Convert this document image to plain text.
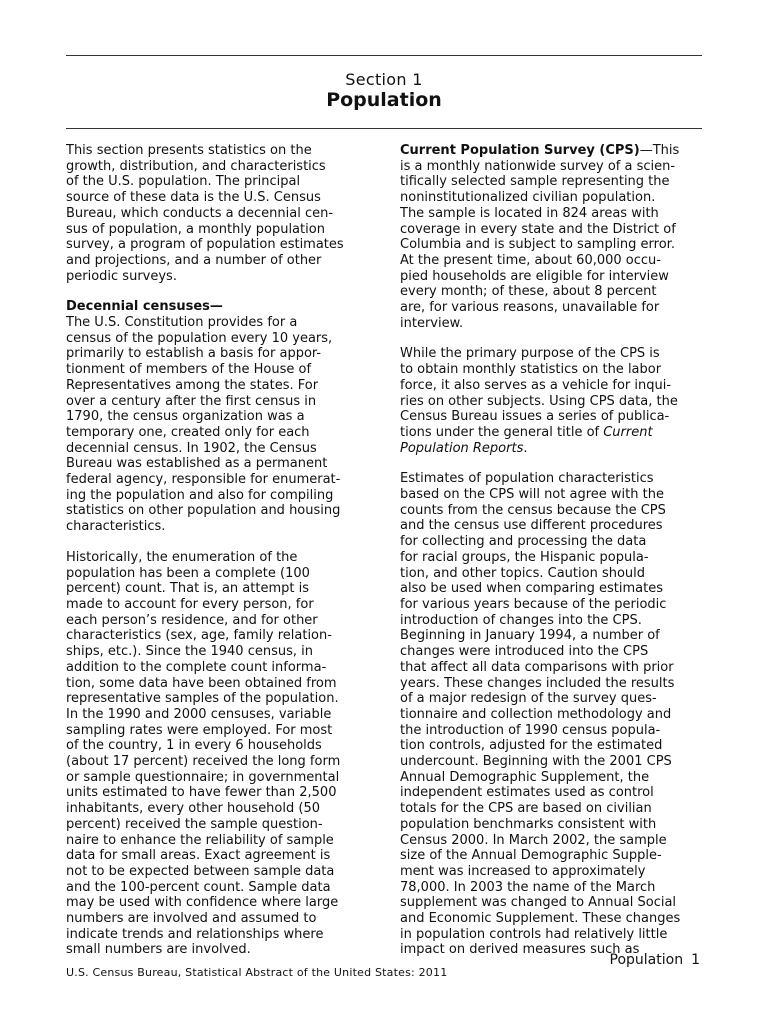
Section 1
Population

This section presents statistics on the
growth, distribution, and characteristics
of the U.S. population. The principal
source of these data is the U.S. Census
Bureau, which conducts a decennial cen-
sus of population, a monthly population
survey, a program of population estimates
and projections, and a number of other
periodic surveys.

Decennial censuses—
The U.S. Constitution provides for a
census of the population every 10 years,
primarily to establish a basis for appor-
tionment of members of the House of
Representatives among the states. For
over a century after the first census in
1790, the census organization was a
temporary one, created only for each
decennial census. In 1902, the Census
Bureau was established as a permanent
federal agency, responsible for enumerat-
ing the population and also for compiling
statistics on other population and housing
characteristics.

Historically, the enumeration of the
population has been a complete (100
percent) count. That is, an attempt is
made to account for every person, for
each person’s residence, and for other
characteristics (sex, age, family relation-
ships, etc.). Since the 1940 census, in
addition to the complete count informa-
tion, some data have been obtained from
representative samples of the population.
In the 1990 and 2000 censuses, variable
sampling rates were employed. For most
of the country, 1 in every 6 households
(about 17 percent) received the long form
or sample questionnaire; in governmental
units estimated to have fewer than 2,500
inhabitants, every other household (50
percent) received the sample question-
naire to enhance the reliability of sample
data for small areas. Exact agreement is
not to be expected between sample data
and the 100-percent count. Sample data
may be used with confidence where large
numbers are involved and assumed to
indicate trends and relationships where
small numbers are involved.

Current Population Survey (CPS)—This
is a monthly nationwide survey of a scien-
tifically selected sample representing the
noninstitutionalized civilian population.
The sample is located in 824 areas with
coverage in every state and the District of
Columbia and is subject to sampling error.
At the present time, about 60,000 occu-
pied households are eligible for interview
every month; of these, about 8 percent
are, for various reasons, unavailable for
interview.

While the primary purpose of the CPS is
to obtain monthly statistics on the labor
force, it also serves as a vehicle for inqui-
ries on other subjects. Using CPS data, the
Census Bureau issues a series of publica-
tions under the general title of Current
Population Reports.

Estimates of population characteristics
based on the CPS will not agree with the
counts from the census because the CPS
and the census use different procedures
for collecting and processing the data
for racial groups, the Hispanic popula-
tion, and other topics. Caution should
also be used when comparing estimates
for various years because of the periodic
introduction of changes into the CPS.
Beginning in January 1994, a number of
changes were introduced into the CPS
that affect all data comparisons with prior
years. These changes included the results
of a major redesign of the survey ques-
tionnaire and collection methodology and
the introduction of 1990 census popula-
tion controls, adjusted for the estimated
undercount. Beginning with the 2001 CPS
Annual Demographic Supplement, the
independent estimates used as control
totals for the CPS are based on civilian
population benchmarks consistent with
Census 2000. In March 2002, the sample
size of the Annual Demographic Supple-
ment was increased to approximately
78,000. In 2003 the name of the March
supplement was changed to Annual Social
and Economic Supplement. These changes
in population controls had relatively little
impact on derived measures such as

Population 1
U.S. Census Bureau, Statistical Abstract of the United States: 2011
